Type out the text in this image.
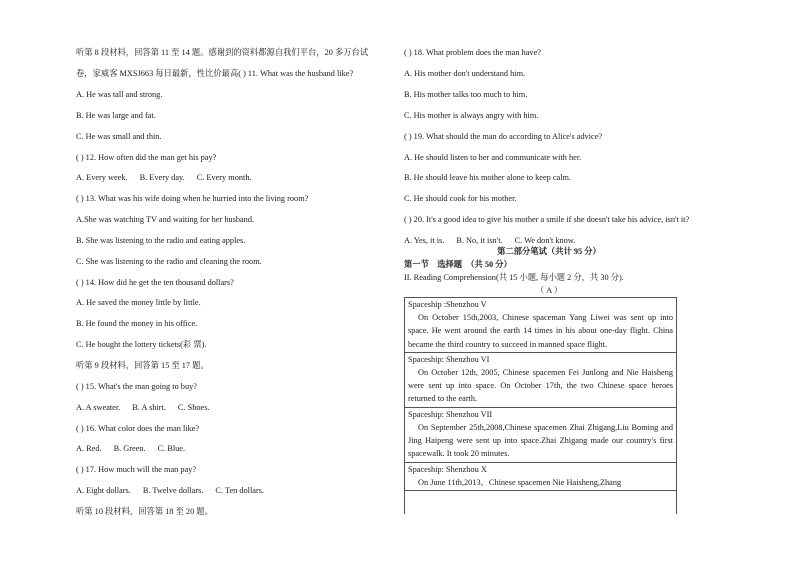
听第 8 段材料，回答第 11 至 14 题。感谢到的资料都源自我们平台，20 多万台试
卷，家威客 MXSJ663 每日最新，性比价最高( ) 11. What was the husband like?
A. He was tall and strong.
B. He was large and fat.
C. He was small and thin.
( ) 12. How often did the man get his pay?
A. Every week. B. Every day. C. Every month.
( ) 13. What was his wife doing when he hurried into the living room?
A.She was watching TV and waiting for her husband.
B. She was listening to the radio and eating apples.
C. She was listening to the radio and cleaning the room.
( ) 14. How did he get the ten thousand dollars?
A. He saved the money little by little.
B. He found the money in his office.
C. He bought the lottery tickets(彩 票).
听第 9 段材料，回答第 15 至 17 题。
( ) 15. What's the man going to buy?
A. A sweater. B. A shirt. C. Shoes.
( ) 16. What color does the man like?
A. Red. B. Green. C. Blue.
( ) 17. How much will the man pay?
A. Eight dollars. B. Twelve dollars. C. Ten dollars.
听第 10 段材料，回答第 18 至 20 题。
第二部分笔试（共计 95 分）
第一节　选择题　（共 50 分）
II. Reading Comprehension(共 15 小题, 每小题 2 分，共 30 分).
（ A ）
( ) 18. What problem does the man have?
A. His mother don't understand him.
B. His mother talks too much to him.
C. His mother is always angry with him.
( ) 19. What should the man do according to Alice's advice?
A. He should listen to her and communicate with her.
B. He should leave his mother alone to keep calm.
C. He should cook for his mother.
( ) 20. It's a good idea to give his mother a smile if she doesn't take his advice, isn't it?
A. Yes, it is. B. No, it isn't. C. We don't know.
Spaceship :Shenzhou V
On October 15th,2003, Chinese spaceman Yang Liwei was sent up into space. He went around the earth 14 times in his about one-day flight. China became the third country to succeed in manned space flight.
Spaceship: Shenzhou VI
On October 12th, 2005, Chinese spacemen Fei Junlong and Nie Haisheng were sent up into space. On October 17th, the two Chinese space heroes returned to the earth.
Spaceship: Shenzhou VII
On September 25th,2008,Chinese spacemen Zhai Zhigang,Liu Boming and Jing Haipeng were sent up into space.Zhai Zhigang made our country's first spacewalk. It took 20 minutes.
Spaceship: Shenzhou X
On June 11th,2013，Chinese spacemen Nie Haisheng,Zhang
